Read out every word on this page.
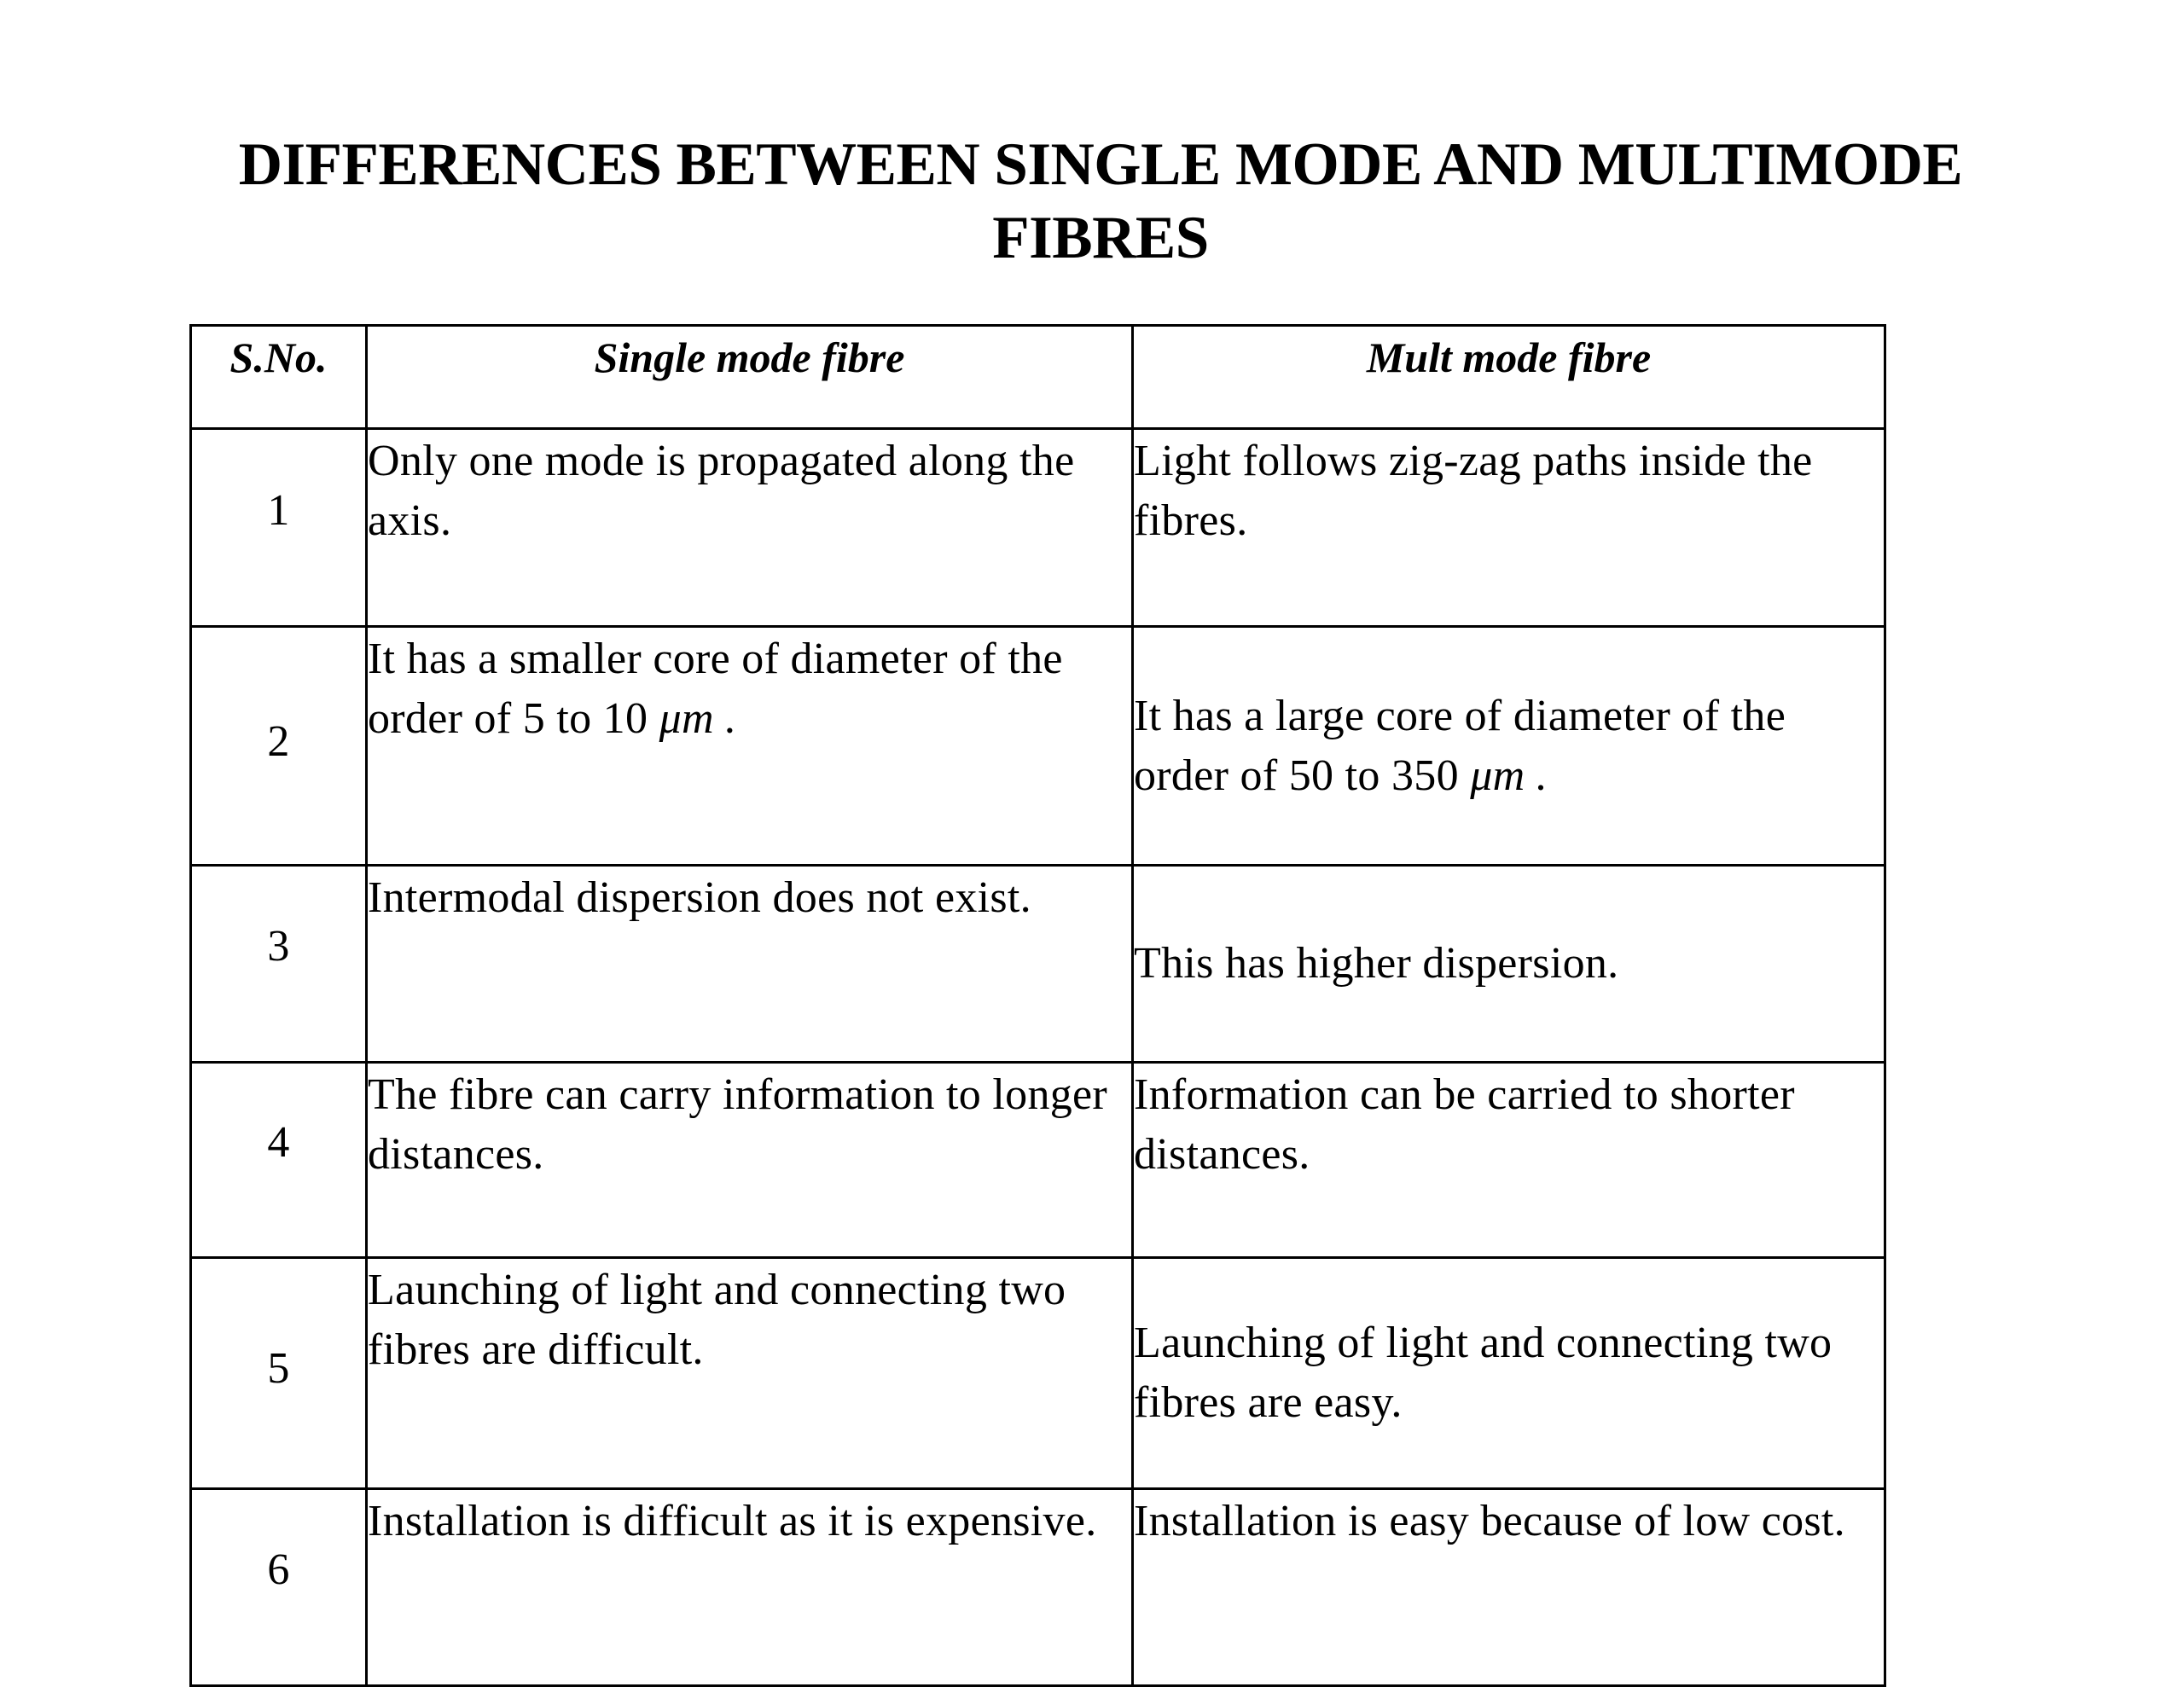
DIFFERENCES BETWEEN SINGLE MODE AND MULTIMODE
FIBRES
S.No.	Single mode fibre	Mult mode fibre
1	Only one mode is propagated along the axis.	Light follows zig-zag paths inside the fibres.

2	It has a smaller core of diameter of the order of 5 to 10 μm .	It has a large core of diameter of the order of 50 to 350 μm .

3	Intermodal dispersion does not exist.	This has higher dispersion.

4	The fibre can carry information to longer distances.	Information can be carried to shorter distances.

5	Launching of light and connecting two fibres are difficult.	Launching of light and connecting two fibres are easy.

6	Installation is difficult as it is expensive.	Installation is easy because of low cost.
